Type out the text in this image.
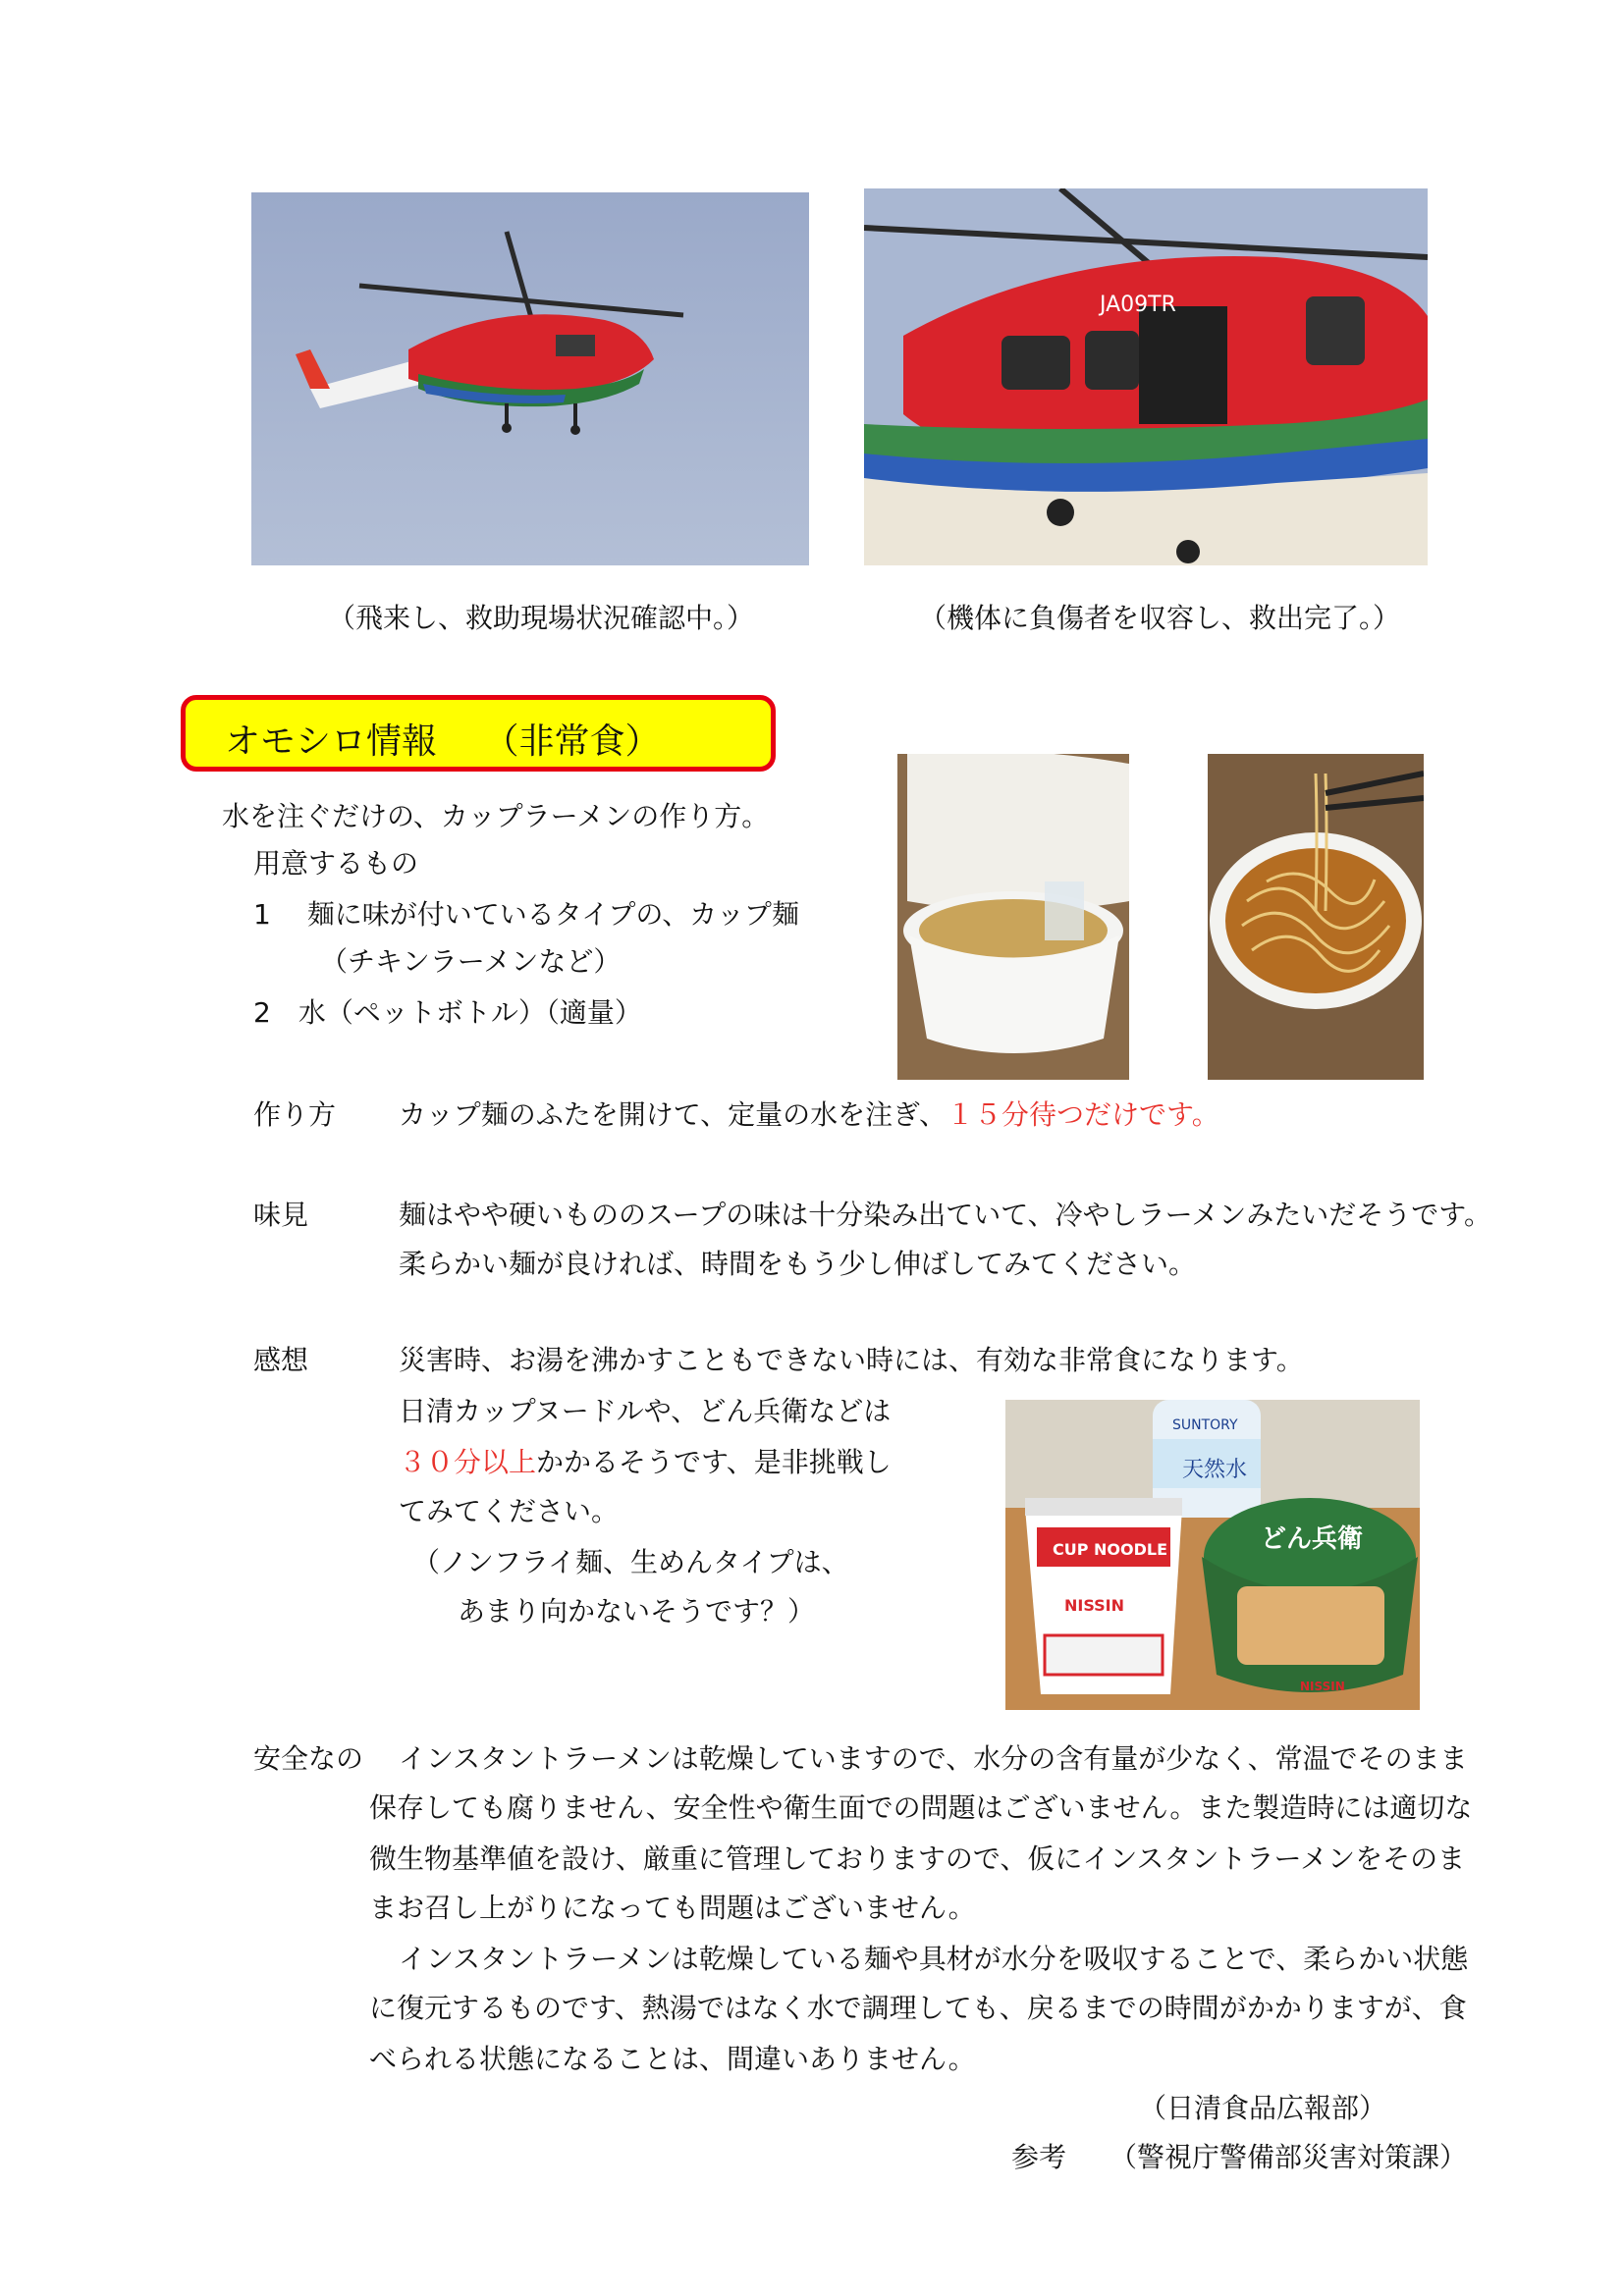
（飛来し、救助現場状況確認中。）
JA09TR
（機体に負傷者を収容し、救出完了。）
オモシロ情報　 （非常食）
水を注ぐだけの、カップラーメンの作り方。
用意するもの
1　 麺に味が付いているタイプの、カップ麺
（チキンラーメンなど）
2　水（ペットボトル）（適量）
作り方 カップ麺のふたを開けて、定量の水を注ぎ、１５分待つだけです。
味見	麺はやや硬いもののスープの味は十分染み出ていて、冷やしラーメンみたいだそうです。
柔らかい麺が良ければ、時間をもう少し伸ばしてみてください。
感想	災害時、お湯を沸かすこともできない時には、有効な非常食になります。
日清カップヌードルや、どん兵衛などは
３０分以上かかるそうです、是非挑戦し
てみてください。
（ノンフライ麺、生めんタイプは、
あまり向かないそうです？）
SUNTORY
天然水
CUP NOODLE
NISSIN
どん兵衛
NISSIN
安全なの インスタントラーメンは乾燥していますので、水分の含有量が少なく、常温でそのまま
保存しても腐りません、安全性や衛生面での問題はございません。また製造時には適切な
微生物基準値を設け、厳重に管理しておりますので、仮にインスタントラーメンをそのま
まお召し上がりになっても問題はございません。
インスタントラーメンは乾燥している麺や具材が水分を吸収することで、柔らかい状態
に復元するものです、熱湯ではなく水で調理しても、戻るまでの時間がかかりますが、食
べられる状態になることは、間違いありません。
（日清食品広報部）
参考 （警視庁警備部災害対策課）
